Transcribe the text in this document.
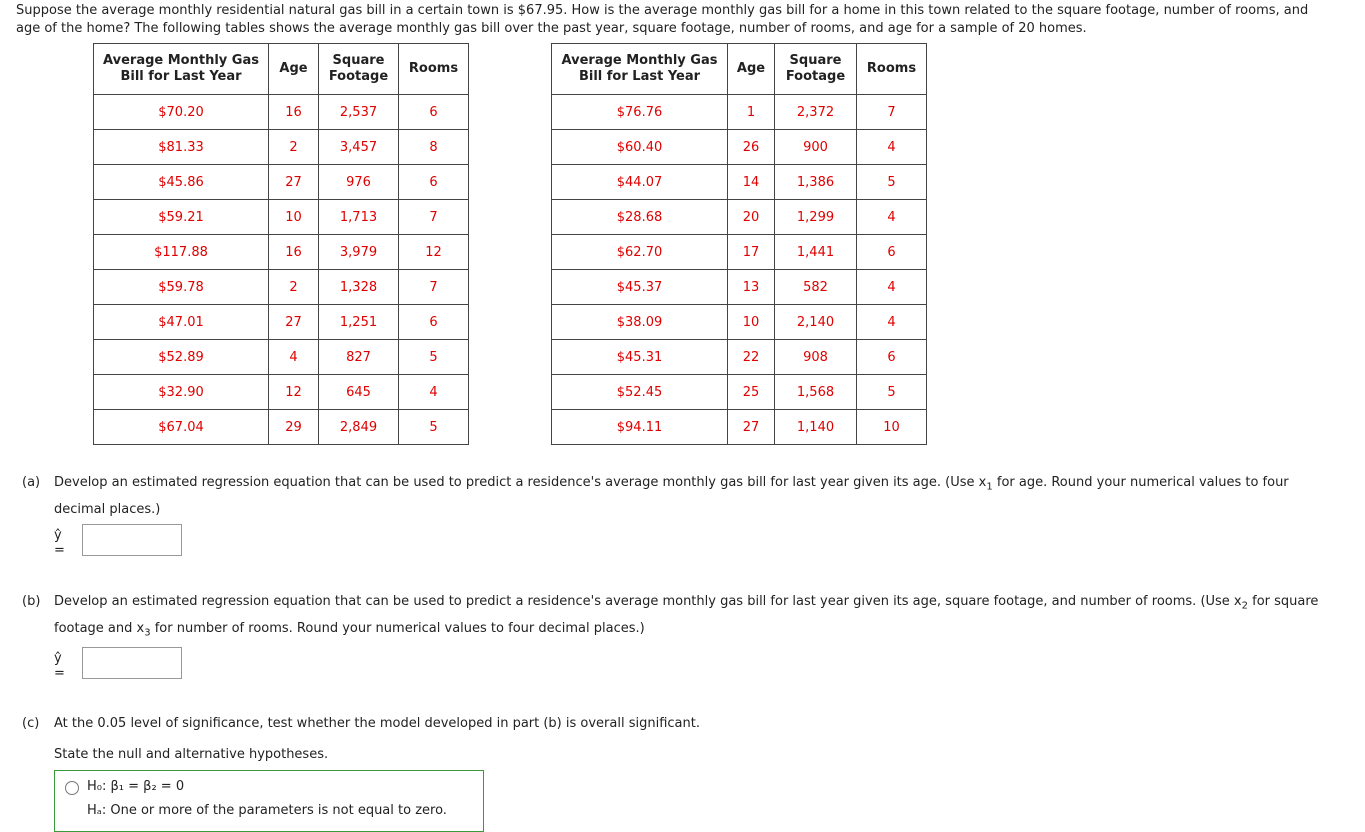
Suppose the average monthly residential natural gas bill in a certain town is $67.95. How is the average monthly gas bill for a home in this town related to the square footage, number of rooms, and age of the home? The following tables shows the average monthly gas bill over the past year, square footage, number of rooms, and age for a sample of 20 homes.
Average Monthly Gas Bill for Last Year	Age	Square Footage	Rooms
$70.20	16	2,537	6
$81.33	2	3,457	8
$45.86	27	976	6
$59.21	10	1,713	7
$117.88	16	3,979	12
$59.78	2	1,328	7
$47.01	27	1,251	6
$52.89	4	827	5
$32.90	12	645	4
$67.04	29	2,849	5
Average Monthly Gas Bill for Last Year	Age	Square Footage	Rooms
$76.76	1	2,372	7
$60.40	26	900	4
$44.07	14	1,386	5
$28.68	20	1,299	4
$62.70	17	1,441	6
$45.37	13	582	4
$38.09	10	2,140	4
$45.31	22	908	6
$52.45	25	1,568	5
$94.11	27	1,140	10
(a) Develop an estimated regression equation that can be used to predict a residence's average monthly gas bill for last year given its age. (Use $x_1$ for age. Round your numerical values to four decimal places.)
ŷ =
(b) Develop an estimated regression equation that can be used to predict a residence's average monthly gas bill for last year given its age, square footage, and number of rooms. (Use $x_2$ for square footage and $x_3$ for number of rooms. Round your numerical values to four decimal places.)
ŷ =
(c) At the 0.05 level of significance, test whether the model developed in part (b) is overall significant.
State the null and alternative hypotheses.
H₀: β₁ = β₂ = 0
Hₐ: One or more of the parameters is not equal to zero.
